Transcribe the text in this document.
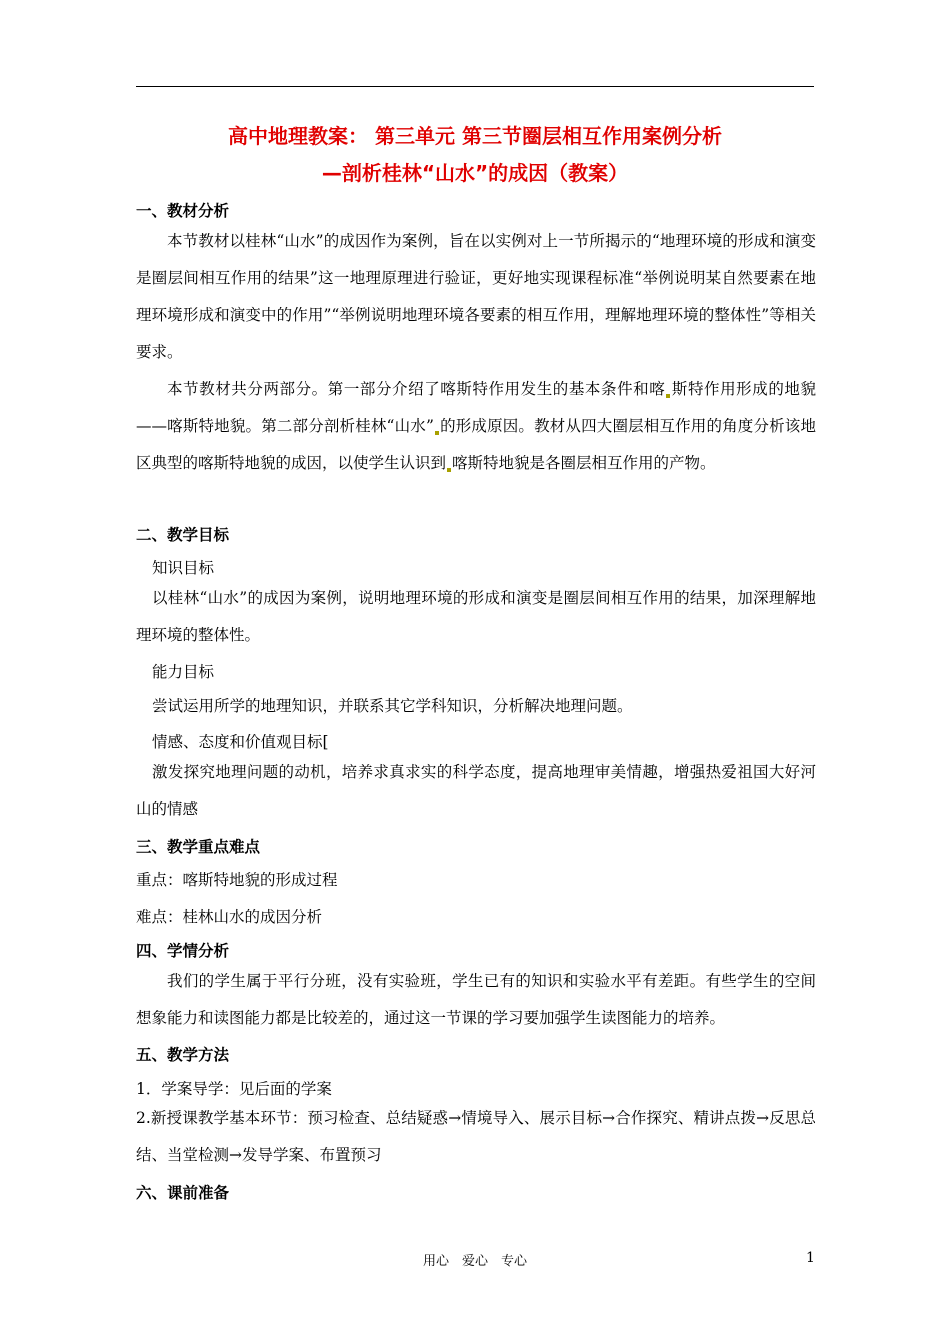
高中地理教案： 第三单元 第三节圈层相互作用案例分析
—剖析桂林“山水”的成因（教案）
一、教材分析
本节教材以桂林“山水”的成因作为案例，旨在以实例对上一节所揭示的“地理环境的形成和演变是圈层间相互作用的结果”这一地理原理进行验证，更好地实现课程标准“举例说明某自然要素在地理环境形成和演变中的作用”“举例说明地理环境各要素的相互作用，理解地理环境的整体性”等相关要求。
本节教材共分两部分。第一部分介绍了喀斯特作用发生的基本条件和喀 斯特作用形成的地貌——喀斯特地貌。第二部分剖析桂林“山水” 的形成原因。教材从四大圈层相互作用的角度分析该地区典型的喀斯特地貌的成因，以使学生认识到 喀斯特地貌是各圈层相互作用的产物。
二、教学目标
知识目标
以桂林“山水”的成因为案例，说明地理环境的形成和演变是圈层间相互作用的结果，加深理解地理环境的整体性。
能力目标
尝试运用所学的地理知识，并联系其它学科知识，分析解决地理问题。
情感、态度和价值观目标[
激发探究地理问题的动机，培养求真求实的科学态度，提高地理审美情趣，增强热爱祖国大好河山的情感
三、教学重点难点
重点：喀斯特地貌的形成过程
难点：桂林山水的成因分析
四、学情分析
我们的学生属于平行分班，没有实验班，学生已有的知识和实验水平有差距。有些学生的空间想象能力和读图能力都是比较差的，通过这一节课的学习要加强学生读图能力的培养。
五、教学方法
1．学案导学：见后面的学案
2.新授课教学基本环节：预习检查、总结疑惑→情境导入、展示目标→合作探究、精讲点拨→反思总结、当堂检测→发导学案、布置预习
六、课前准备
用心　爱心　专心	1
